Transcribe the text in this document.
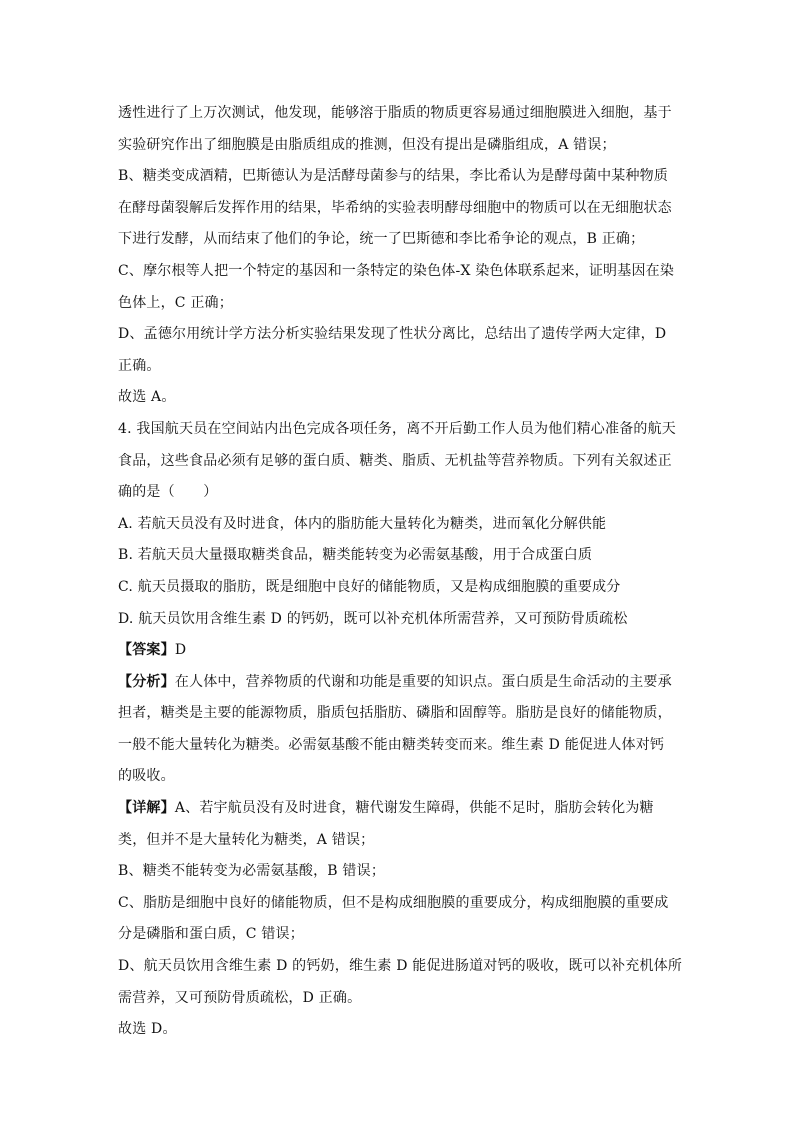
透性进行了上万次测试，他发现，能够溶于脂质的物质更容易通过细胞膜进入细胞，基于
实验研究作出了细胞膜是由脂质组成的推测，但没有提出是磷脂组成，A 错误；
B、糖类变成酒精，巴斯德认为是活酵母菌参与的结果，李比希认为是酵母菌中某种物质
在酵母菌裂解后发挥作用的结果，毕希纳的实验表明酵母细胞中的物质可以在无细胞状态
下进行发酵，从而结束了他们的争论，统一了巴斯德和李比希争论的观点，B 正确；
C、摩尔根等人把一个特定的基因和一条特定的染色体-X 染色体联系起来，证明基因在染
色体上，C 正确；
D、孟德尔用统计学方法分析实验结果发现了性状分离比，总结出了遗传学两大定律，D
正确。
故选 A。
4. 我国航天员在空间站内出色完成各项任务，离不开后勤工作人员为他们精心准备的航天
食品，这些食品必须有足够的蛋白质、糖类、脂质、无机盐等营养物质。下列有关叙述正
确的是（　　）
A. 若航天员没有及时进食，体内的脂肪能大量转化为糖类，进而氧化分解供能
B. 若航天员大量摄取糖类食品，糖类能转变为必需氨基酸，用于合成蛋白质
C. 航天员摄取的脂肪，既是细胞中良好的储能物质，又是构成细胞膜的重要成分
D. 航天员饮用含维生素 D 的钙奶，既可以补充机体所需营养，又可预防骨质疏松
【答案】D
【分析】在人体中，营养物质的代谢和功能是重要的知识点。蛋白质是生命活动的主要承
担者，糖类是主要的能源物质，脂质包括脂肪、磷脂和固醇等。脂肪是良好的储能物质，
一般不能大量转化为糖类。必需氨基酸不能由糖类转变而来。维生素 D 能促进人体对钙
的吸收。
【详解】A、若宇航员没有及时进食，糖代谢发生障碍，供能不足时，脂肪会转化为糖
类，但并不是大量转化为糖类，A 错误；
B、糖类不能转变为必需氨基酸，B 错误；
C、脂肪是细胞中良好的储能物质，但不是构成细胞膜的重要成分，构成细胞膜的重要成
分是磷脂和蛋白质，C 错误；
D、航天员饮用含维生素 D 的钙奶，维生素 D 能促进肠道对钙的吸收，既可以补充机体所
需营养，又可预防骨质疏松，D 正确。
故选 D。
